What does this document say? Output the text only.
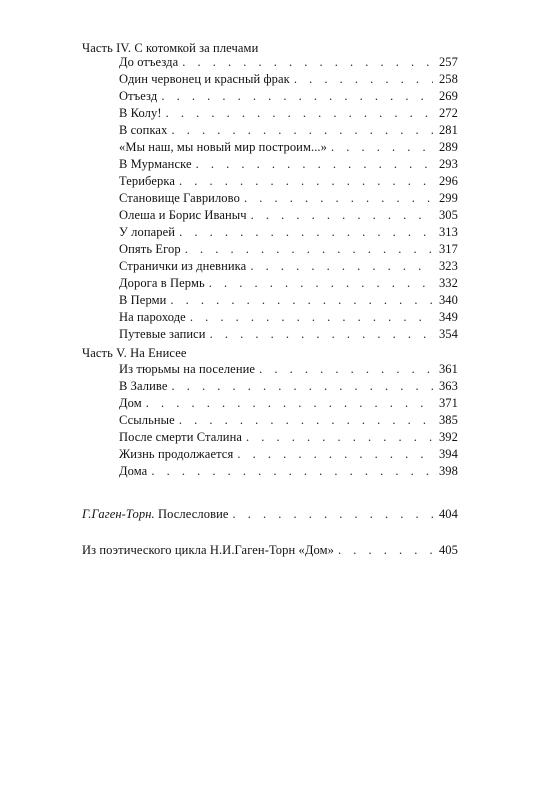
Часть IV. С котомкой за плечами
До отъезда . . .	257
Один червонец и красный фрак . . .	258
Отъезд . . .	269
В Колу! . . .	272
В сопках . . .	281
«Мы наш, мы новый мир построим...» . . .	289
В Мурманске . . .	293
Териберка . . .	296
Становище Гаврилово . . .	299
Олеша и Борис Иваныч . . .	305
У лопарей . . .	313
Опять Егор . . .	317
Странички из дневника . . .	323
Дорога в Пермь . . .	332
В Перми . . .	340
На пароходе . . .	349
Путевые записи . . .	354
Часть V. На Енисее
Из тюрьмы на поселение . . .	361
В Заливе . . .	363
Дом . . .	371
Ссыльные . . .	385
После смерти Сталина . . .	392
Жизнь продолжается . . .	394
Дома . . .	398
Г.Гаген-Торн. Послесловие . . .	404
Из поэтического цикла Н.И.Гаген-Торн «Дом» . . .	405
